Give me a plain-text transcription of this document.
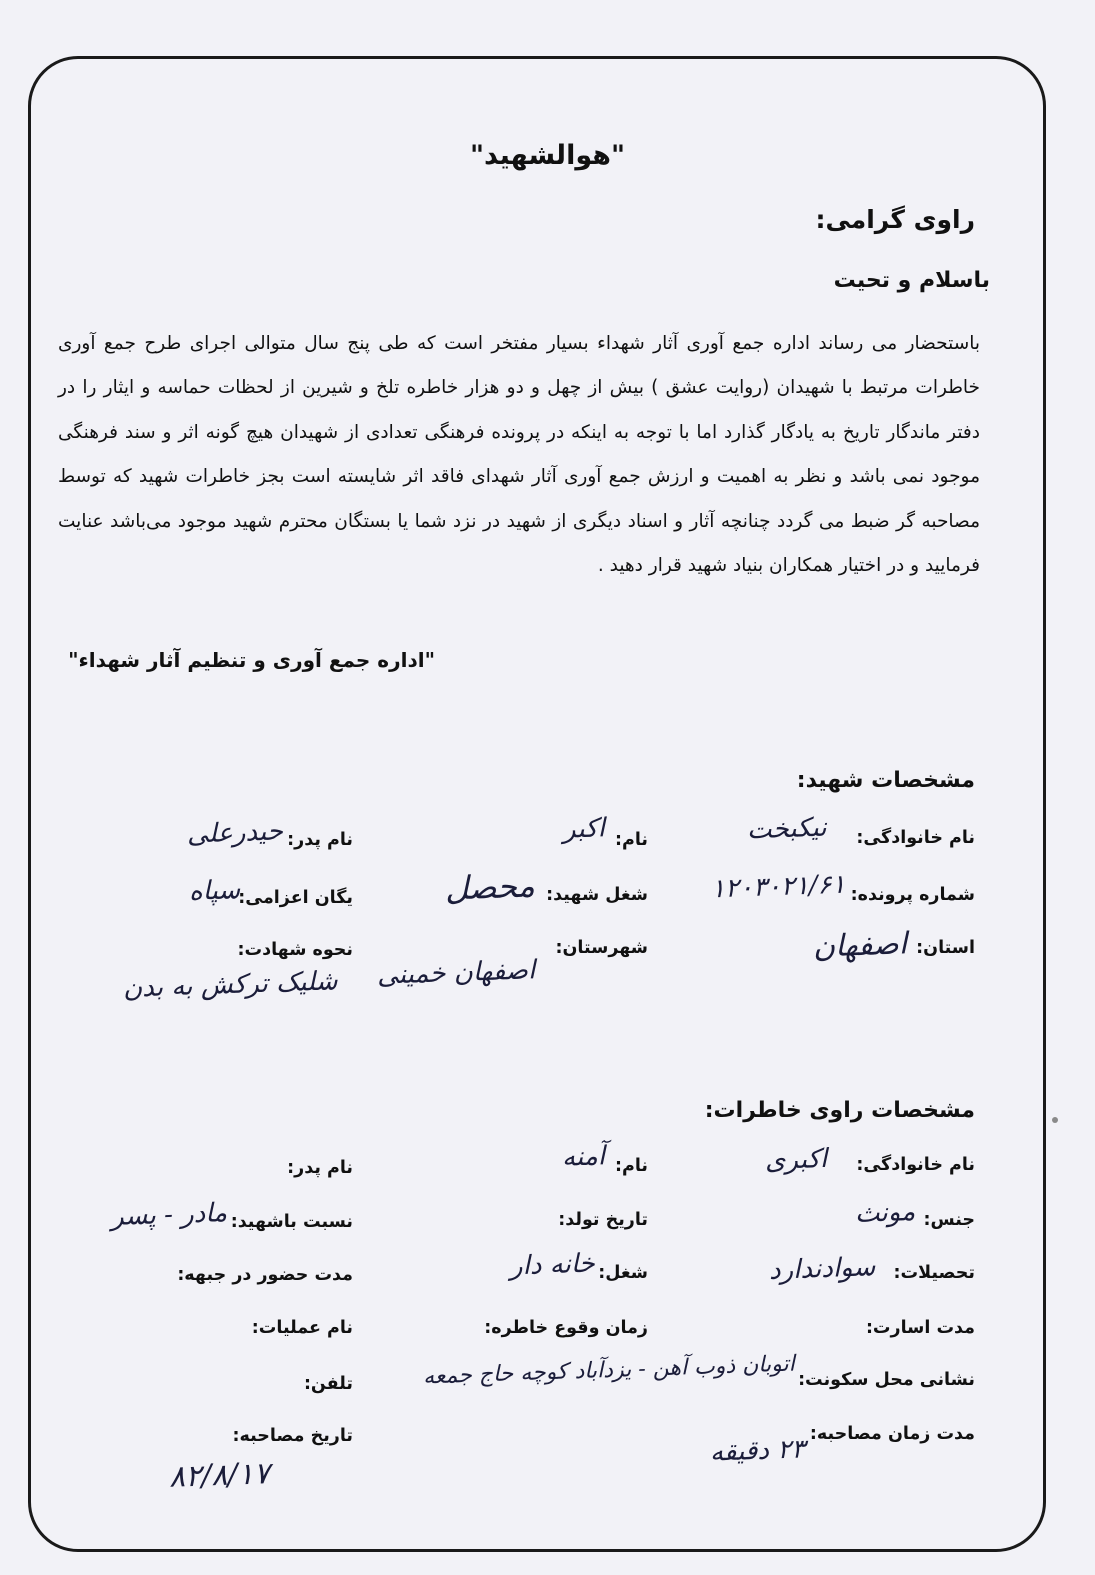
"هوالشهید"
راوی گرامی:
باسلام و تحیت
باستحضار می رساند اداره جمع آوری آثار شهداء بسیار مفتخر است که طی پنج سال متوالی اجرای طرح جمع آوری خاطرات مرتبط با شهیدان (روایت عشق ) بیش از چهل و دو هزار خاطره تلخ و شیرین از لحظات حماسه و ایثار را در دفتر ماندگار تاریخ به یادگار گذارد اما با توجه به اینکه در پرونده فرهنگی تعدادی از شهیدان هیچ گونه اثر و سند فرهنگی موجود نمی باشد و نظر به اهمیت و ارزش جمع آوری آثار شهدای فاقد اثر شایسته است بجز خاطرات شهید که توسط مصاحبه گر ضبط می گردد چنانچه آثار و اسناد دیگری از شهید در نزد شما یا بستگان محترم شهید موجود می‌باشد عنایت فرمایید و در اختیار همکاران بنیاد شهید قرار دهید .
"اداره جمع آوری و تنظیم آثار شهداء"
مشخصات شهید:
نام خانوادگی:
نیکبخت
نام:
اکبر
نام پدر:
حیدرعلی
شماره پرونده:
۱۲۰۳۰۲۱/۶۱
شغل شهید:
محصل
یگان اعزامی:
سپاه
استان:
اصفهان
شهرستان:
اصفهان خمینی
نحوه شهادت:
شلیک ترکش به بدن
مشخصات راوی خاطرات:
نام خانوادگی:
اکبری
نام:
آمنه
نام پدر:
جنس:
مونث
تاریخ تولد:
نسبت باشهید:
مادر - پسر
تحصیلات:
سوادندارد
شغل:
خانه دار
مدت حضور در جبهه:
مدت اسارت:
زمان وقوع خاطره:
نام عملیات:
نشانی محل سکونت:
اتوبان ذوب آهن - یزدآباد کوچه حاج جمعه
تلفن:
مدت زمان مصاحبه:
۲۳ دقیقه
تاریخ مصاحبه:
۸۲/۸/۱۷
